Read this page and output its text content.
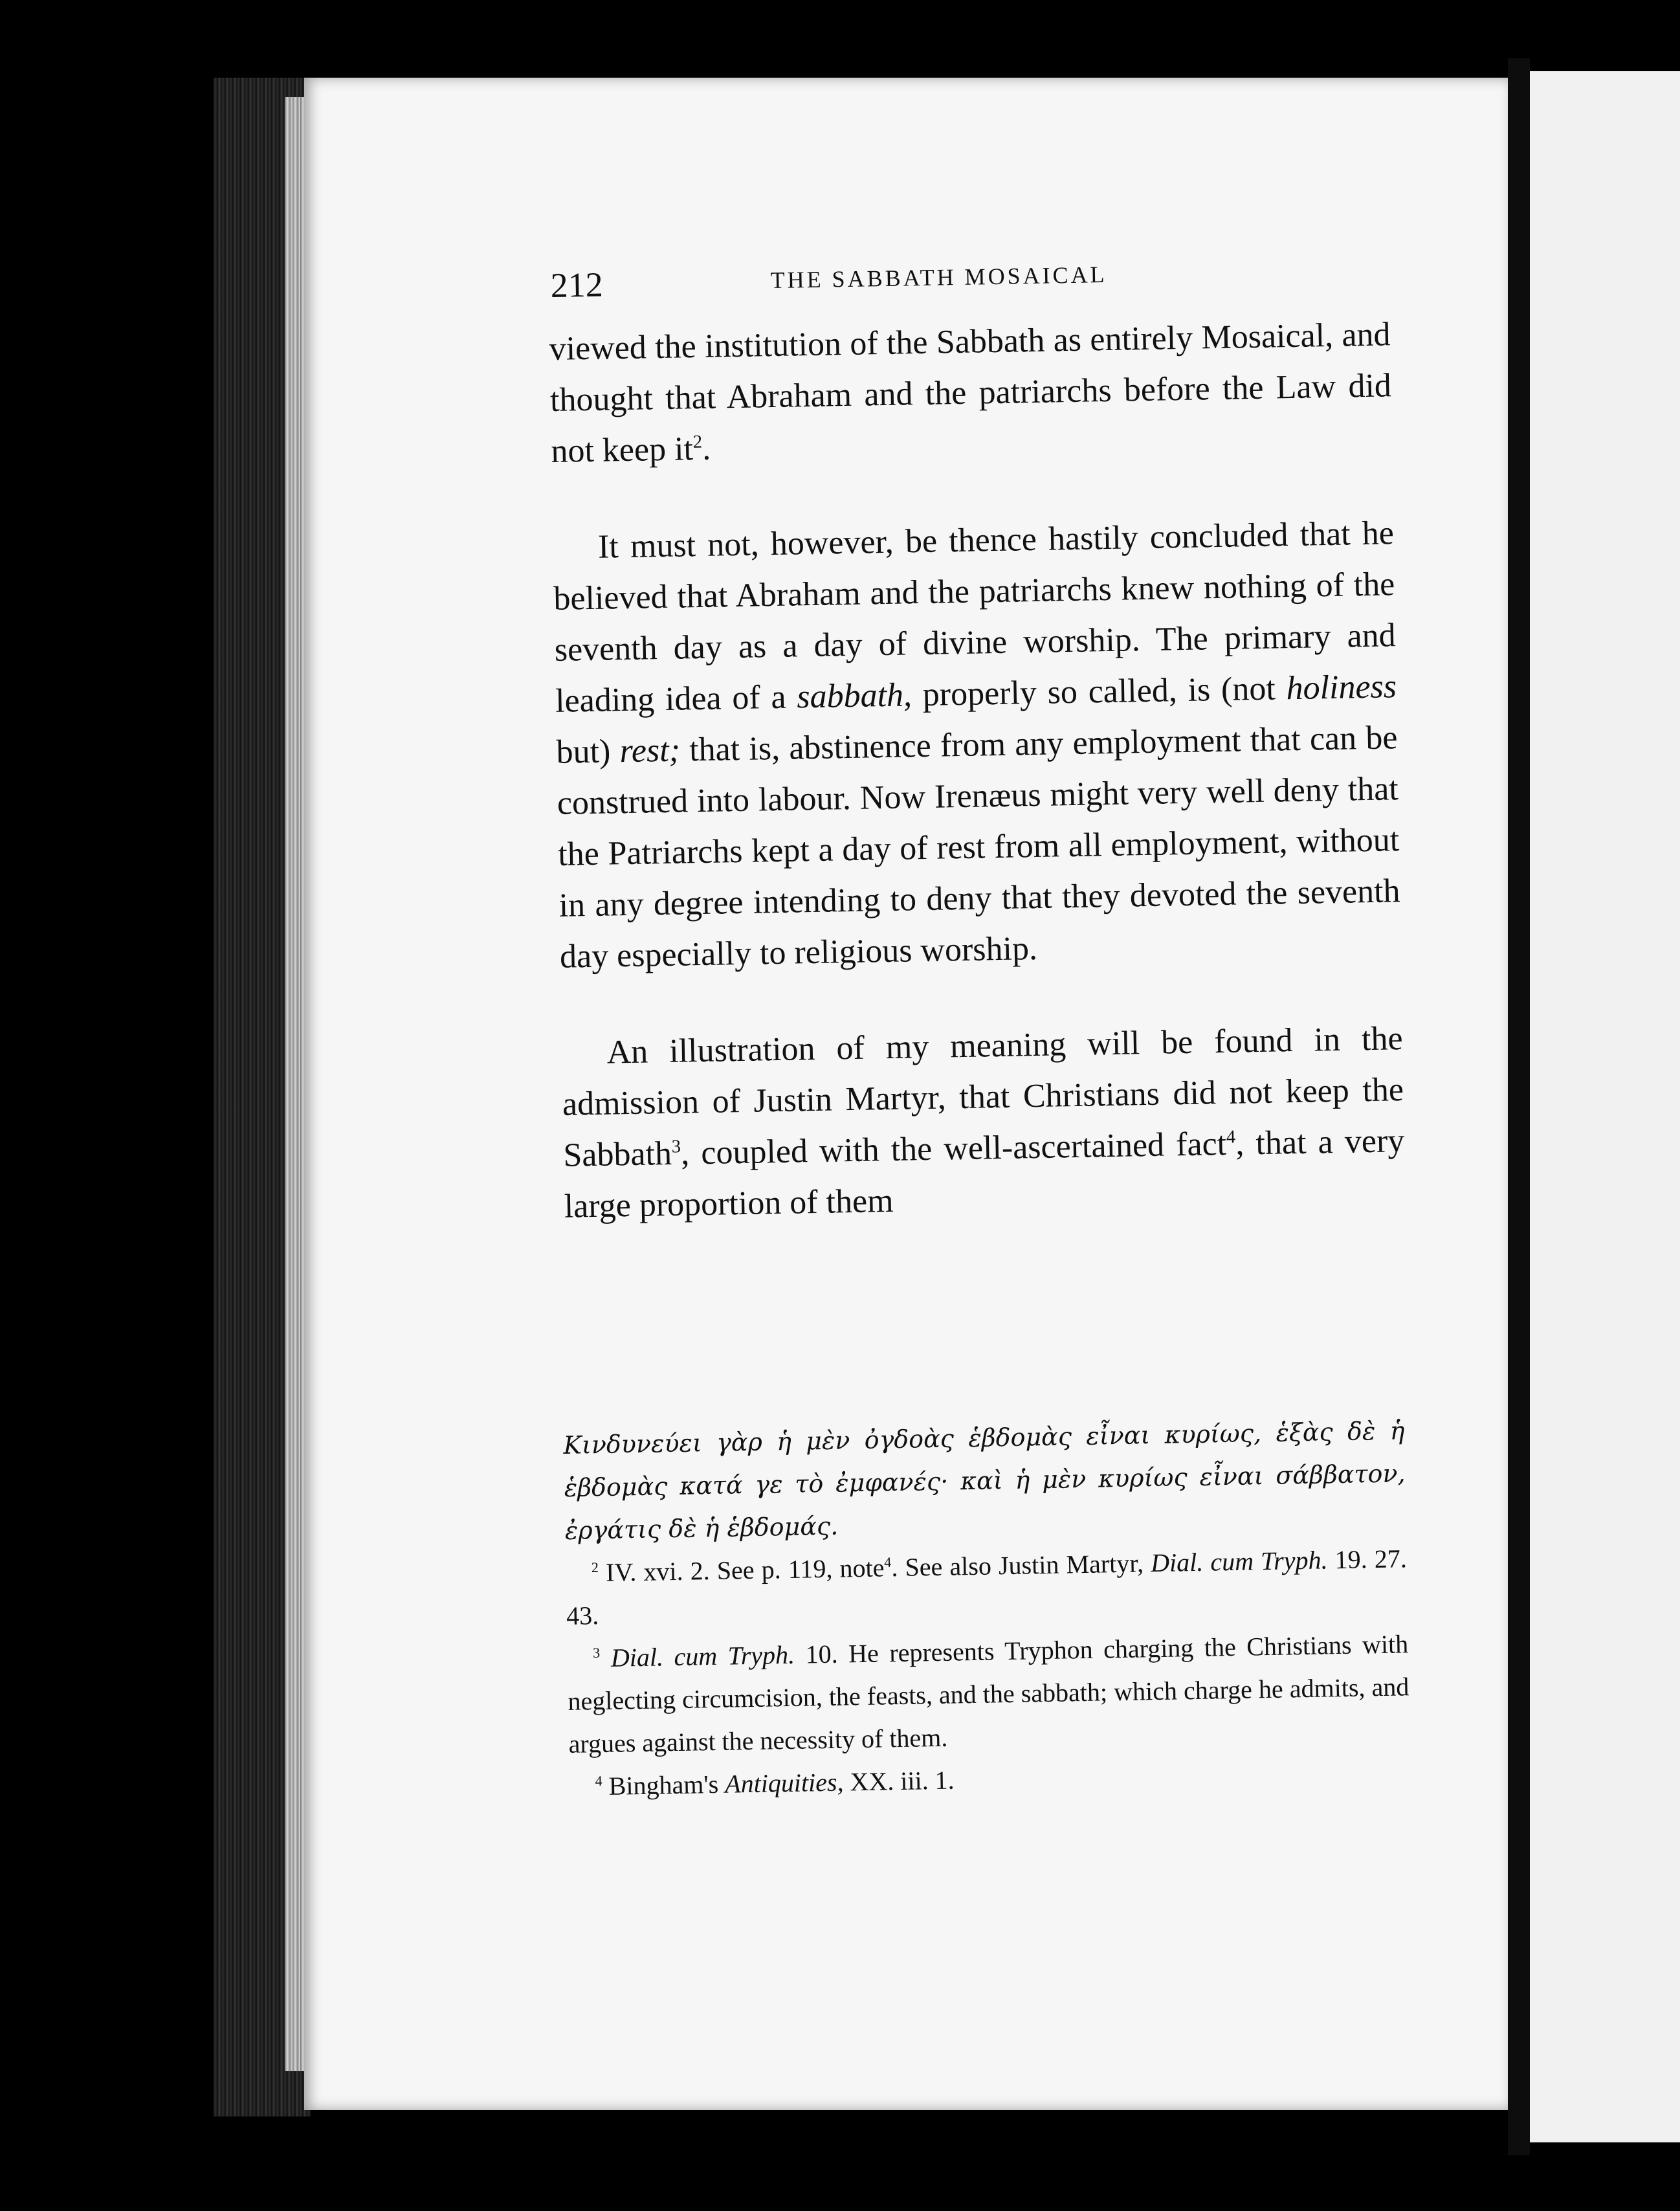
212	THE SABBATH MOSAICAL

viewed the institution of the Sabbath as entirely Mosaical, and thought that Abraham and the patriarchs before the Law did not keep $it^2$.

It must not, however, be thence hastily concluded that he believed that Abraham and the patriarchs knew nothing of the seventh day as a day of divine worship. The primary and leading idea of a sabbath, properly so called, is (not holiness but) rest; that is, abstinence from any employment that can be construed into labour. Now Irenæus might very well deny that the Patriarchs kept a day of rest from all employment, without in any degree intending to deny that they devoted the seventh day especially to religious worship.

An illustration of my meaning will be found in the admission of Justin Martyr, that Christians did not keep the Sabbath$^3$, coupled with the well-ascertained fact$^4$, that a very large proportion of them

Κινδυνεύει γὰρ ἡ μὲν ὀγδοὰς ἑβδομὰς εἶναι κυρίως, ἑξὰς δὲ ἡ ἑβδομὰς κατά γε τὸ ἐμφανές· καὶ ἡ μὲν κυρίως εἶναι σάββατον, ἐργάτις δὲ ἡ ἑβδομάς.

$^2$ IV. xvi. 2. See p. 119, note$^4$. See also Justin Martyr, Dial. cum Tryph. 19. 27. 43.

$^3$ Dial. cum Tryph. 10. He represents Tryphon charging the Christians with neglecting circumcision, the feasts, and the sabbath; which charge he admits, and argues against the necessity of them.

$^4$ Bingham's Antiquities, XX. iii. 1.
